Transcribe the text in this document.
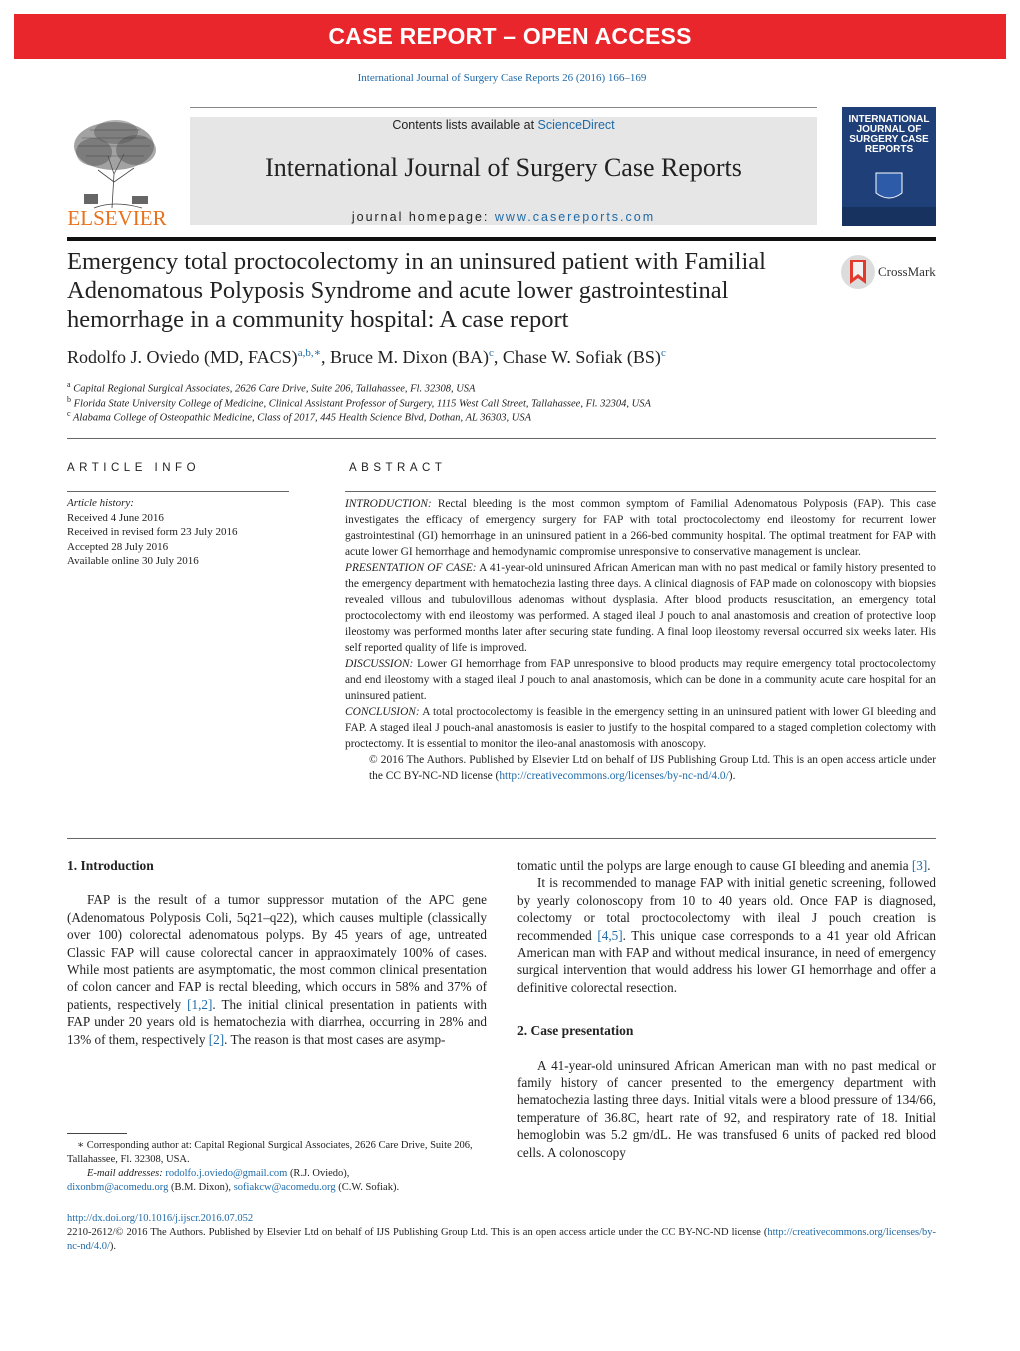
CASE REPORT – OPEN ACCESS
International Journal of Surgery Case Reports 26 (2016) 166–169
ELSEVIER
Contents lists available at ScienceDirect
International Journal of Surgery Case Reports
journal homepage: www.casereports.com
INTERNATIONAL JOURNAL OF SURGERY CASE REPORTS
Emergency total proctocolectomy in an uninsured patient with Familial Adenomatous Polyposis Syndrome and acute lower gastrointestinal hemorrhage in a community hospital: A case report
CrossMark
Rodolfo J. Oviedo (MD, FACS)$^{a,b,∗}$, Bruce M. Dixon (BA)$^c$, Chase W. Sofiak (BS)$^c$
$^a$ Capital Regional Surgical Associates, 2626 Care Drive, Suite 206, Tallahassee, Fl. 32308, USA
$^b$ Florida State University College of Medicine, Clinical Assistant Professor of Surgery, 1115 West Call Street, Tallahassee, Fl. 32304, USA
$^c$ Alabama College of Osteopathic Medicine, Class of 2017, 445 Health Science Blvd, Dothan, AL 36303, USA
ARTICLE INFO
Article history:
Received 4 June 2016
Received in revised form 23 July 2016
Accepted 28 July 2016
Available online 30 July 2016
ABSTRACT

INTRODUCTION: Rectal bleeding is the most common symptom of Familial Adenomatous Polyposis (FAP). This case investigates the efficacy of emergency surgery for FAP with total proctocolectomy end ileostomy for recurrent lower gastrointestinal (GI) hemorrhage in an uninsured patient in a 266-bed community hospital. The optimal treatment for FAP with acute lower GI hemorrhage and hemodynamic compromise unresponsive to conservative management is unclear.

PRESENTATION OF CASE: A 41-year-old uninsured African American man with no past medical or family history presented to the emergency department with hematochezia lasting three days. A clinical diagnosis of FAP made on colonoscopy with biopsies revealed villous and tubulovillous adenomas without dysplasia. After blood products resuscitation, an emergency total proctocolectomy with end ileostomy was performed. A staged ileal J pouch to anal anastomosis and creation of protective loop ileostomy was performed months later after securing state funding. A final loop ileostomy reversal occurred six weeks later. His self reported quality of life is improved.

DISCUSSION: Lower GI hemorrhage from FAP unresponsive to blood products may require emergency total proctocolectomy and end ileostomy with a staged ileal J pouch to anal anastomosis, which can be done in a community acute care hospital for an uninsured patient.

CONCLUSION: A total proctocolectomy is feasible in the emergency setting in an uninsured patient with lower GI bleeding and FAP. A staged ileal J pouch-anal anastomosis is easier to justify to the hospital compared to a staged completion colectomy with proctectomy. It is essential to monitor the ileo-anal anastomosis with anoscopy.

© 2016 The Authors. Published by Elsevier Ltd on behalf of IJS Publishing Group Ltd. This is an open access article under the CC BY-NC-ND license (http://creativecommons.org/licenses/by-nc-nd/4.0/).

1. Introduction

FAP is the result of a tumor suppressor mutation of the APC gene (Adenomatous Polyposis Coli, 5q21–q22), which causes multiple (classically over 100) colorectal adenomatous polyps. By 45 years of age, untreated Classic FAP will cause colorectal cancer in appraoximately 100% of cases. While most patients are asymptomatic, the most common clinical presentation of colon cancer and FAP is rectal bleeding, which occurs in 58% and 37% of patients, respectively [1,2]. The initial clinical presentation in patients with FAP under 20 years old is hematochezia with diarrhea, occurring in 28% and 13% of them, respectively [2]. The reason is that most cases are asymp-

tomatic until the polyps are large enough to cause GI bleeding and anemia [3].

It is recommended to manage FAP with initial genetic screening, followed by yearly colonoscopy from 10 to 40 years old. Once FAP is diagnosed, colectomy or total proctocolectomy with ileal J pouch creation is recommended [4,5]. This unique case corresponds to a 41 year old African American man with FAP and without medical insurance, in need of emergency surgical intervention that would address his lower GI hemorrhage and offer a definitive colorectal resection.

2. Case presentation

A 41-year-old uninsured African American man with no past medical or family history of cancer presented to the emergency department with hematochezia lasting three days. Initial vitals were a blood pressure of 134/66, temperature of 36.8C, heart rate of 92, and respiratory rate of 18. Initial hemoglobin was 5.2 gm/dL. He was transfused 6 units of packed red blood cells. A colonoscopy

∗ Corresponding author at: Capital Regional Surgical Associates, 2626 Care Drive, Suite 206, Tallahassee, Fl. 32308, USA.
E-mail addresses: rodolfo.j.oviedo@gmail.com (R.J. Oviedo),
dixonbm@acomedu.org (B.M. Dixon), sofiakcw@acomedu.org (C.W. Sofiak).
http://dx.doi.org/10.1016/j.ijscr.2016.07.052
2210-2612/© 2016 The Authors. Published by Elsevier Ltd on behalf of IJS Publishing Group Ltd. This is an open access article under the CC BY-NC-ND license (http://creativecommons.org/licenses/by-nc-nd/4.0/).
